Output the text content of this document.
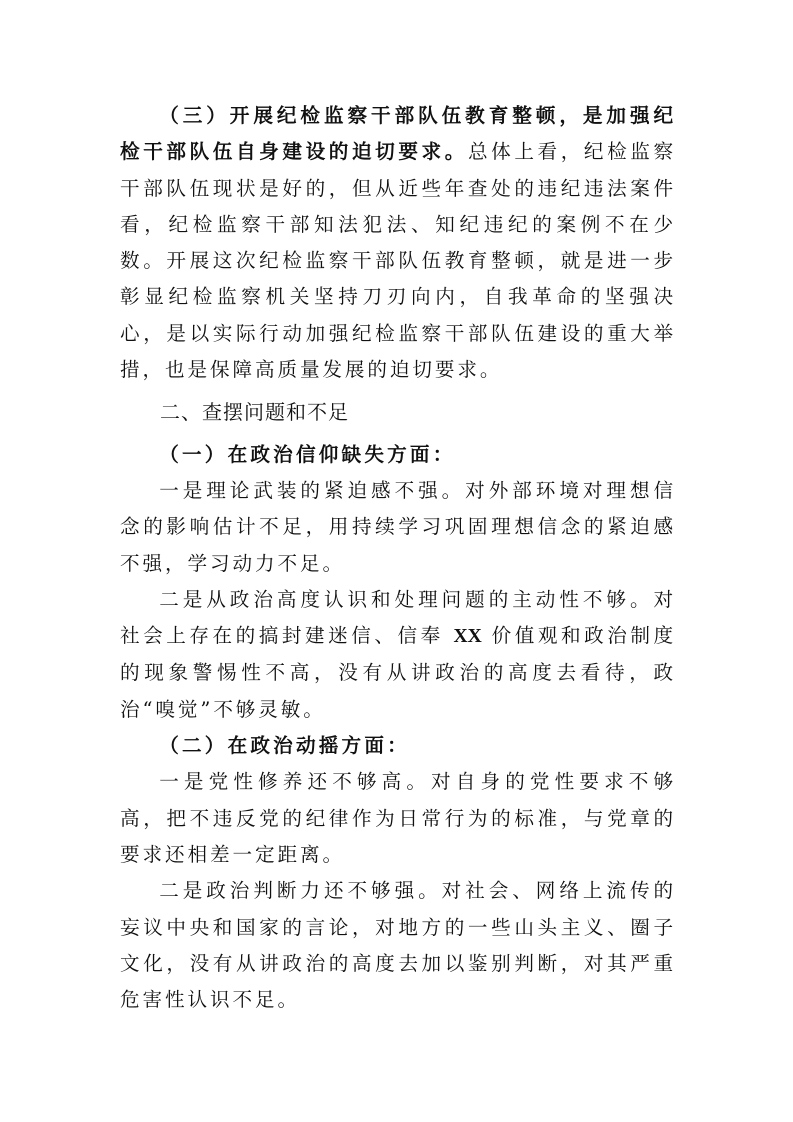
（三）开展纪检监察干部队伍教育整顿，是加强纪检干部队伍自身建设的迫切要求。总体上看，纪检监察干部队伍现状是好的，但从近些年查处的违纪违法案件看，纪检监察干部知法犯法、知纪违纪的案例不在少数。开展这次纪检监察干部队伍教育整顿，就是进一步彰显纪检监察机关坚持刀刃向内，自我革命的坚强决心，是以实际行动加强纪检监察干部队伍建设的重大举措，也是保障高质量发展的迫切要求。

二、查摆问题和不足

（一）在政治信仰缺失方面：

一是理论武装的紧迫感不强。对外部环境对理想信念的影响估计不足，用持续学习巩固理想信念的紧迫感不强，学习动力不足。

二是从政治高度认识和处理问题的主动性不够。对社会上存在的搞封建迷信、信奉 XX 价值观和政治制度的现象警惕性不高，没有从讲政治的高度去看待，政治“嗅觉”不够灵敏。

（二）在政治动摇方面：

一是党性修养还不够高。对自身的党性要求不够高，把不违反党的纪律作为日常行为的标准，与党章的要求还相差一定距离。

二是政治判断力还不够强。对社会、网络上流传的妄议中央和国家的言论，对地方的一些山头主义、圈子文化，没有从讲政治的高度去加以鉴别判断，对其严重危害性认识不足。
